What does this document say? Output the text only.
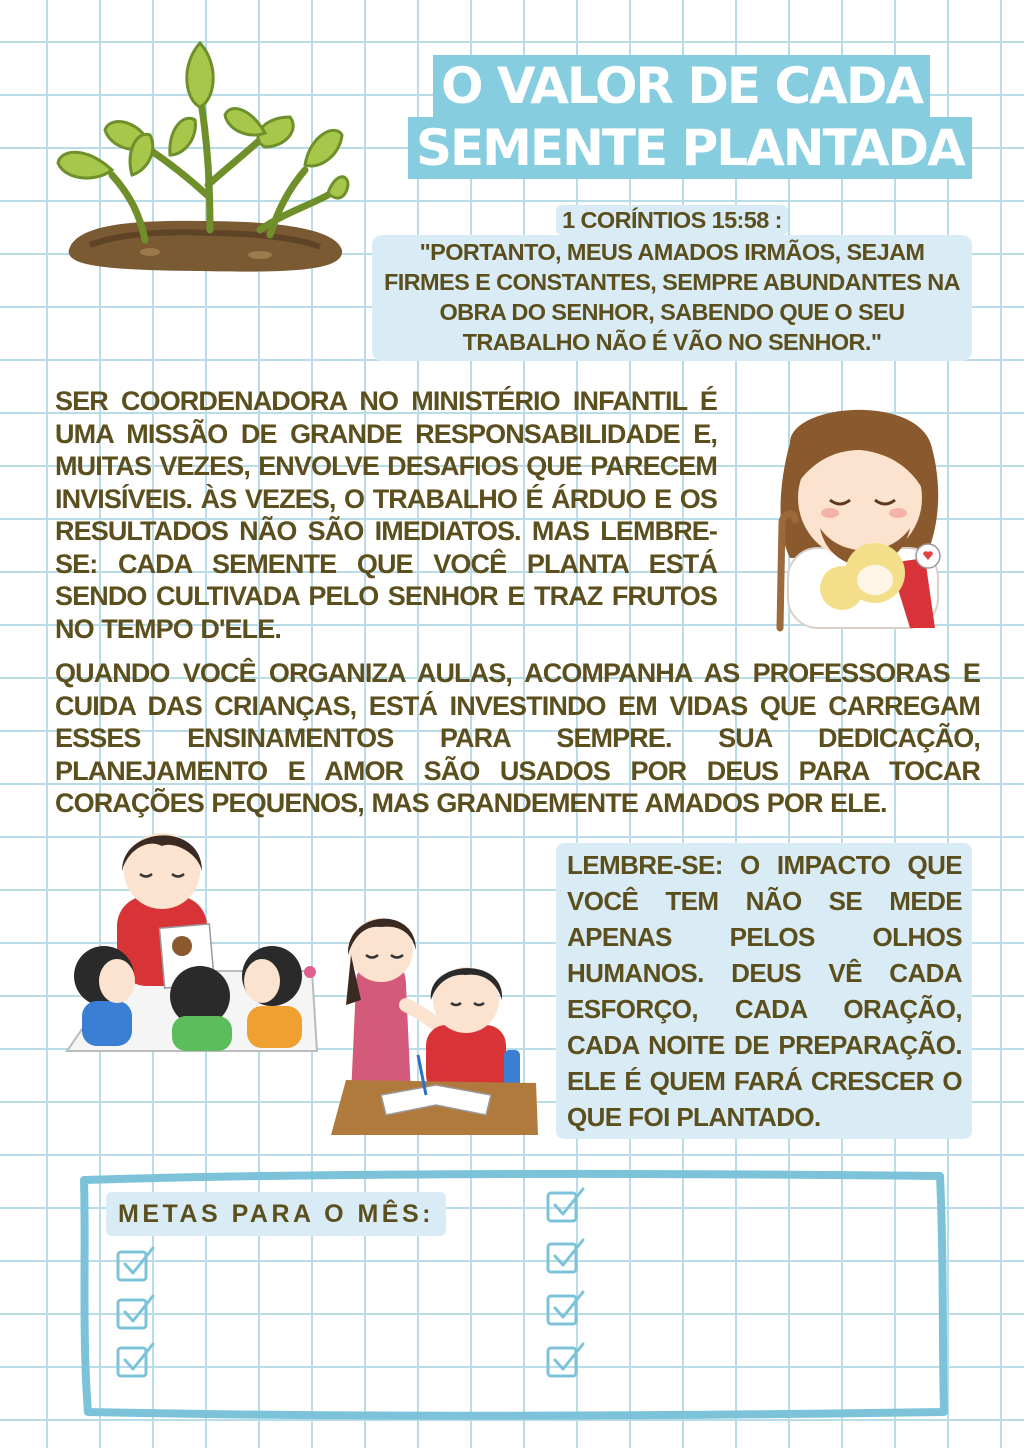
O VALOR DE CADA
SEMENTE PLANTADA
1 CORÍNTIOS 15:58 :
"PORTANTO, MEUS AMADOS IRMÃOS, SEJAM FIRMES E CONSTANTES, SEMPRE ABUNDANTES NA OBRA DO SENHOR, SABENDO QUE O SEU TRABALHO NÃO É VÃO NO SENHOR."
SER COORDENADORA NO MINISTÉRIO INFANTIL É UMA MISSÃO DE GRANDE RESPONSABILIDADE E, MUITAS VEZES, ENVOLVE DESAFIOS QUE PARECEM INVISÍVEIS. ÀS VEZES, O TRABALHO É ÁRDUO E OS RESULTADOS NÃO SÃO IMEDIATOS. MAS LEMBRE-SE: CADA SEMENTE QUE VOCÊ PLANTA ESTÁ SENDO CULTIVADA PELO SENHOR E TRAZ FRUTOS NO TEMPO D'ELE.
QUANDO VOCÊ ORGANIZA AULAS, ACOMPANHA AS PROFESSORAS E CUIDA DAS CRIANÇAS, ESTÁ INVESTINDO EM VIDAS QUE CARREGAM ESSES ENSINAMENTOS PARA SEMPRE. SUA DEDICAÇÃO, PLANEJAMENTO E AMOR SÃO USADOS POR DEUS PARA TOCAR CORAÇÕES PEQUENOS, MAS GRANDEMENTE AMADOS POR ELE.
LEMBRE-SE: O IMPACTO QUE VOCÊ TEM NÃO SE MEDE APENAS PELOS OLHOS HUMANOS. DEUS VÊ CADA ESFORÇO, CADA ORAÇÃO, CADA NOITE DE PREPARAÇÃO. ELE É QUEM FARÁ CRESCER O QUE FOI PLANTADO.
METAS PARA O MÊS:
